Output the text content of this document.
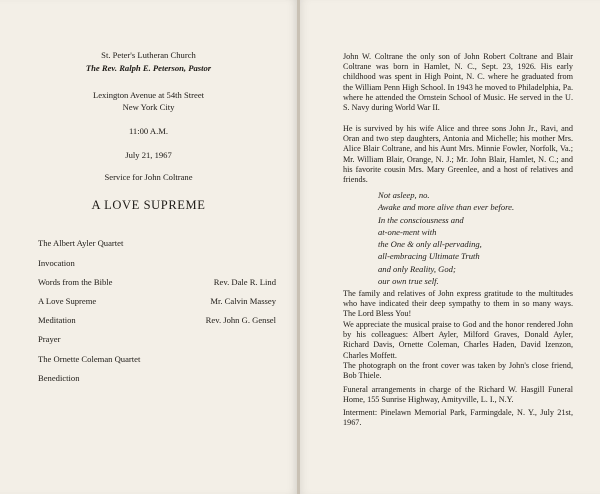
St. Peter's Lutheran Church
The Rev. Ralph E. Peterson, Pastor
Lexington Avenue at 54th Street
New York City
11:00 A.M.
July 21, 1967
Service for John Coltrane
A LOVE SUPREME
The Albert Ayler Quartet
Invocation
Words from the Bible	Rev. Dale R. Lind
A Love Supreme	Mr. Calvin Massey
Meditation	Rev. John G. Gensel
Prayer
The Ornette Coleman Quartet
Benediction
John W. Coltrane the only son of John Robert Coltrane and Blair Coltrane was born in Hamlet, N. C., Sept. 23, 1926. His early childhood was spent in High Point, N. C. where he graduated from the William Penn High School. In 1943 he moved to Philadelphia, Pa. where he attended the Ornstein School of Music. He served in the U. S. Navy during World War II.
He is survived by his wife Alice and three sons John Jr., Ravi, and Oran and two step daughters, Antonia and Michelle; his mother Mrs. Alice Blair Coltrane, and his Aunt Mrs. Minnie Fowler, Norfolk, Va.; Mr. William Blair, Orange, N. J.; Mr. John Blair, Hamlet, N. C.; and his favorite cousin Mrs. Mary Greenlee, and a host of relatives and friends.
Not asleep, no.
Awake and more alive than ever before.
In the consciousness and
at-one-ment with
the One & only all-pervading,
all-embracing Ultimate Truth
and only Reality, God;
our own true self.
The family and relatives of John express gratitude to the multitudes who have indicated their deep sympathy to them in so many ways. The Lord Bless You!
We appreciate the musical praise to God and the honor rendered John by his colleagues: Albert Ayler, Milford Graves, Donald Ayler, Richard Davis, Ornette Coleman, Charles Haden, David Izenzon, Charles Moffett.
The photograph on the front cover was taken by John's close friend, Bob Thiele.
Funeral arrangements in charge of the Richard W. Hasgill Funeral Home, 155 Sunrise Highway, Amityville, L. I., N.Y.
Interment: Pinelawn Memorial Park, Farmingdale, N. Y., July 21st, 1967.
